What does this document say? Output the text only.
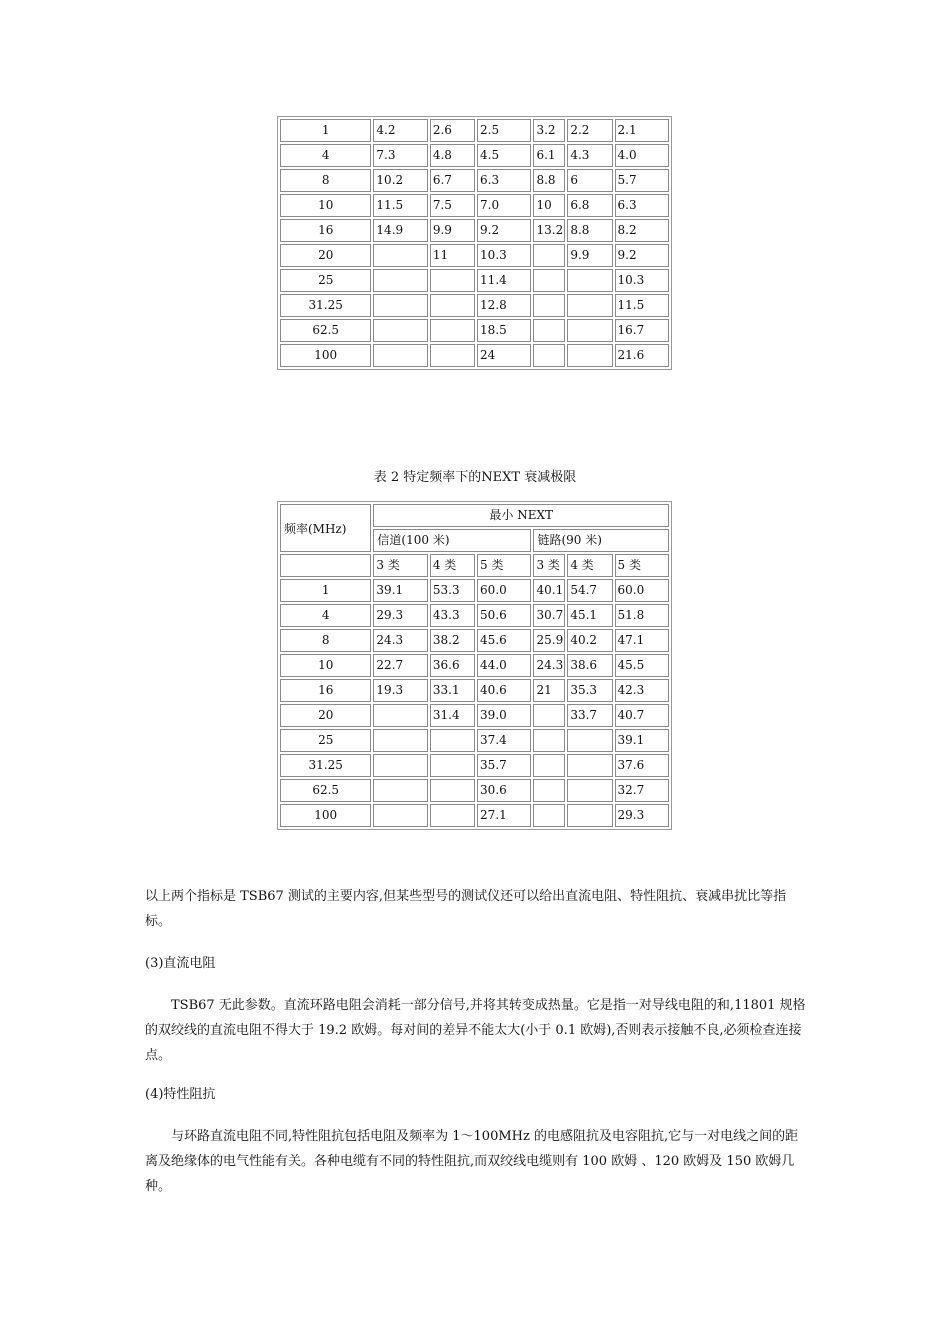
1	4.2	2.6	2.5	3.2	2.2	2.1
4	7.3	4.8	4.5	6.1	4.3	4.0
8	10.2	6.7	6.3	8.8	6	5.7
10	11.5	7.5	7.0	10	6.8	6.3
16	14.9	9.9	9.2	13.2	8.8	8.2
20		11	10.3		9.9	9.2
25			11.4			10.3
31.25			12.8			11.5
62.5			18.5			16.7
100			24			21.6
表 2 特定频率下的NEXT 衰减极限
频率(MHz)	最小 NEXT					
	信道(100 米)			链路(90 米)		
	3 类	4 类	5 类	3 类	4 类	5 类
1	39.1	53.3	60.0	40.1	54.7	60.0
4	29.3	43.3	50.6	30.7	45.1	51.8
8	24.3	38.2	45.6	25.9	40.2	47.1
10	22.7	36.6	44.0	24.3	38.6	45.5
16	19.3	33.1	40.6	21	35.3	42.3
20		31.4	39.0		33.7	40.7
25			37.4			39.1
31.25			35.7			37.6
62.5			30.6			32.7
100			27.1			29.3

以上两个指标是 TSB67 测试的主要内容,但某些型号的测试仪还可以给出直流电阻、特性阻抗、衰减串扰比等指标。

(3)直流电阻

TSB67 无此参数。直流环路电阻会消耗一部分信号,并将其转变成热量。它是指一对导线电阻的和,11801 规格的双绞线的直流电阻不得大于 19.2 欧姆。每对间的差异不能太大(小于 0.1 欧姆),否则表示接触不良,必须检查连接点。

(4)特性阻抗

与环路直流电阻不同,特性阻抗包括电阻及频率为 1～100MHz 的电感阻抗及电容阻抗,它与一对电线之间的距离及绝缘体的电气性能有关。各种电缆有不同的特性阻抗,而双绞线电缆则有 100 欧姆 、120 欧姆及 150 欧姆几种。
